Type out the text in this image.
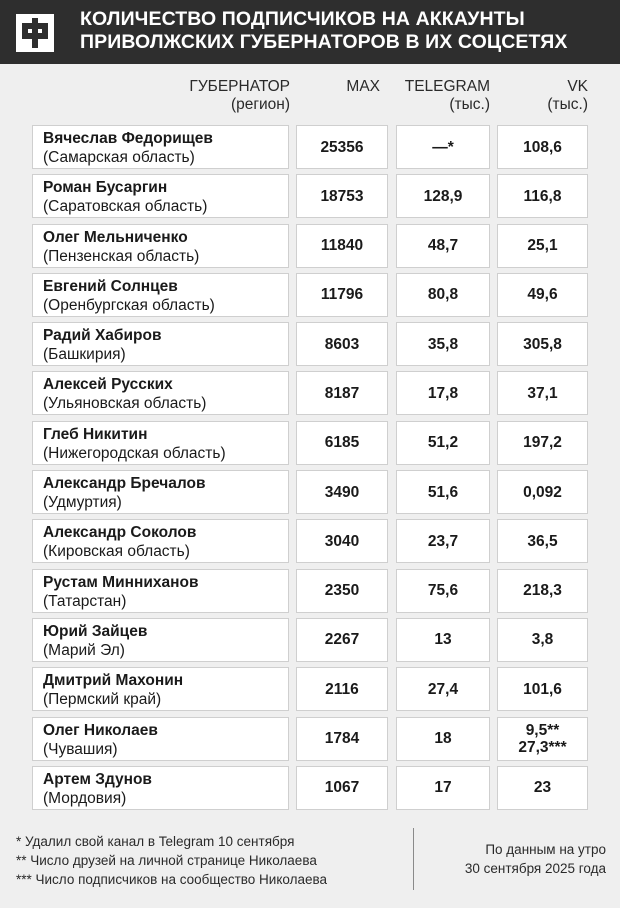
КОЛИЧЕСТВО ПОДПИСЧИКОВ НА АККАУНТЫ
ПРИВОЛЖСКИХ ГУБЕРНАТОРОВ В ИХ СОЦСЕТЯХ
ГУБЕРНАТОР
(регион)
MAX	TELEGRAM
(тыс.)
VK
(тыс.)
Вячеслав Федорищев
(Самарская область)
25356	—*	108,6
Роман Бусаргин
(Саратовская область)
18753	128,9	116,8
Олег Мельниченко
(Пензенская область)
11840	48,7	25,1
Евгений Солнцев
(Оренбургская область)
11796	80,8	49,6
Радий Хабиров
(Башкирия)
8603	35,8	305,8
Алексей Русских
(Ульяновская область)
8187	17,8	37,1
Глеб Никитин
(Нижегородская область)
6185	51,2	197,2
Александр Бречалов
(Удмуртия)
3490	51,6	0,092
Александр Соколов
(Кировская область)
3040	23,7	36,5
Рустам Минниханов
(Татарстан)
2350	75,6	218,3
Юрий Зайцев
(Марий Эл)
2267	13	3,8
Дмитрий Махонин
(Пермский край)
2116	27,4	101,6
Олег Николаев
(Чувашия)
1784	18	9,5**
27,3***
Артем Здунов
(Мордовия)
1067	17	23
* Удалил свой канал в Telegram 10 сентября
** Число друзей на личной странице Николаева
*** Число подписчиков на сообщество Николаева
По данным на утро
30 сентября 2025 года
